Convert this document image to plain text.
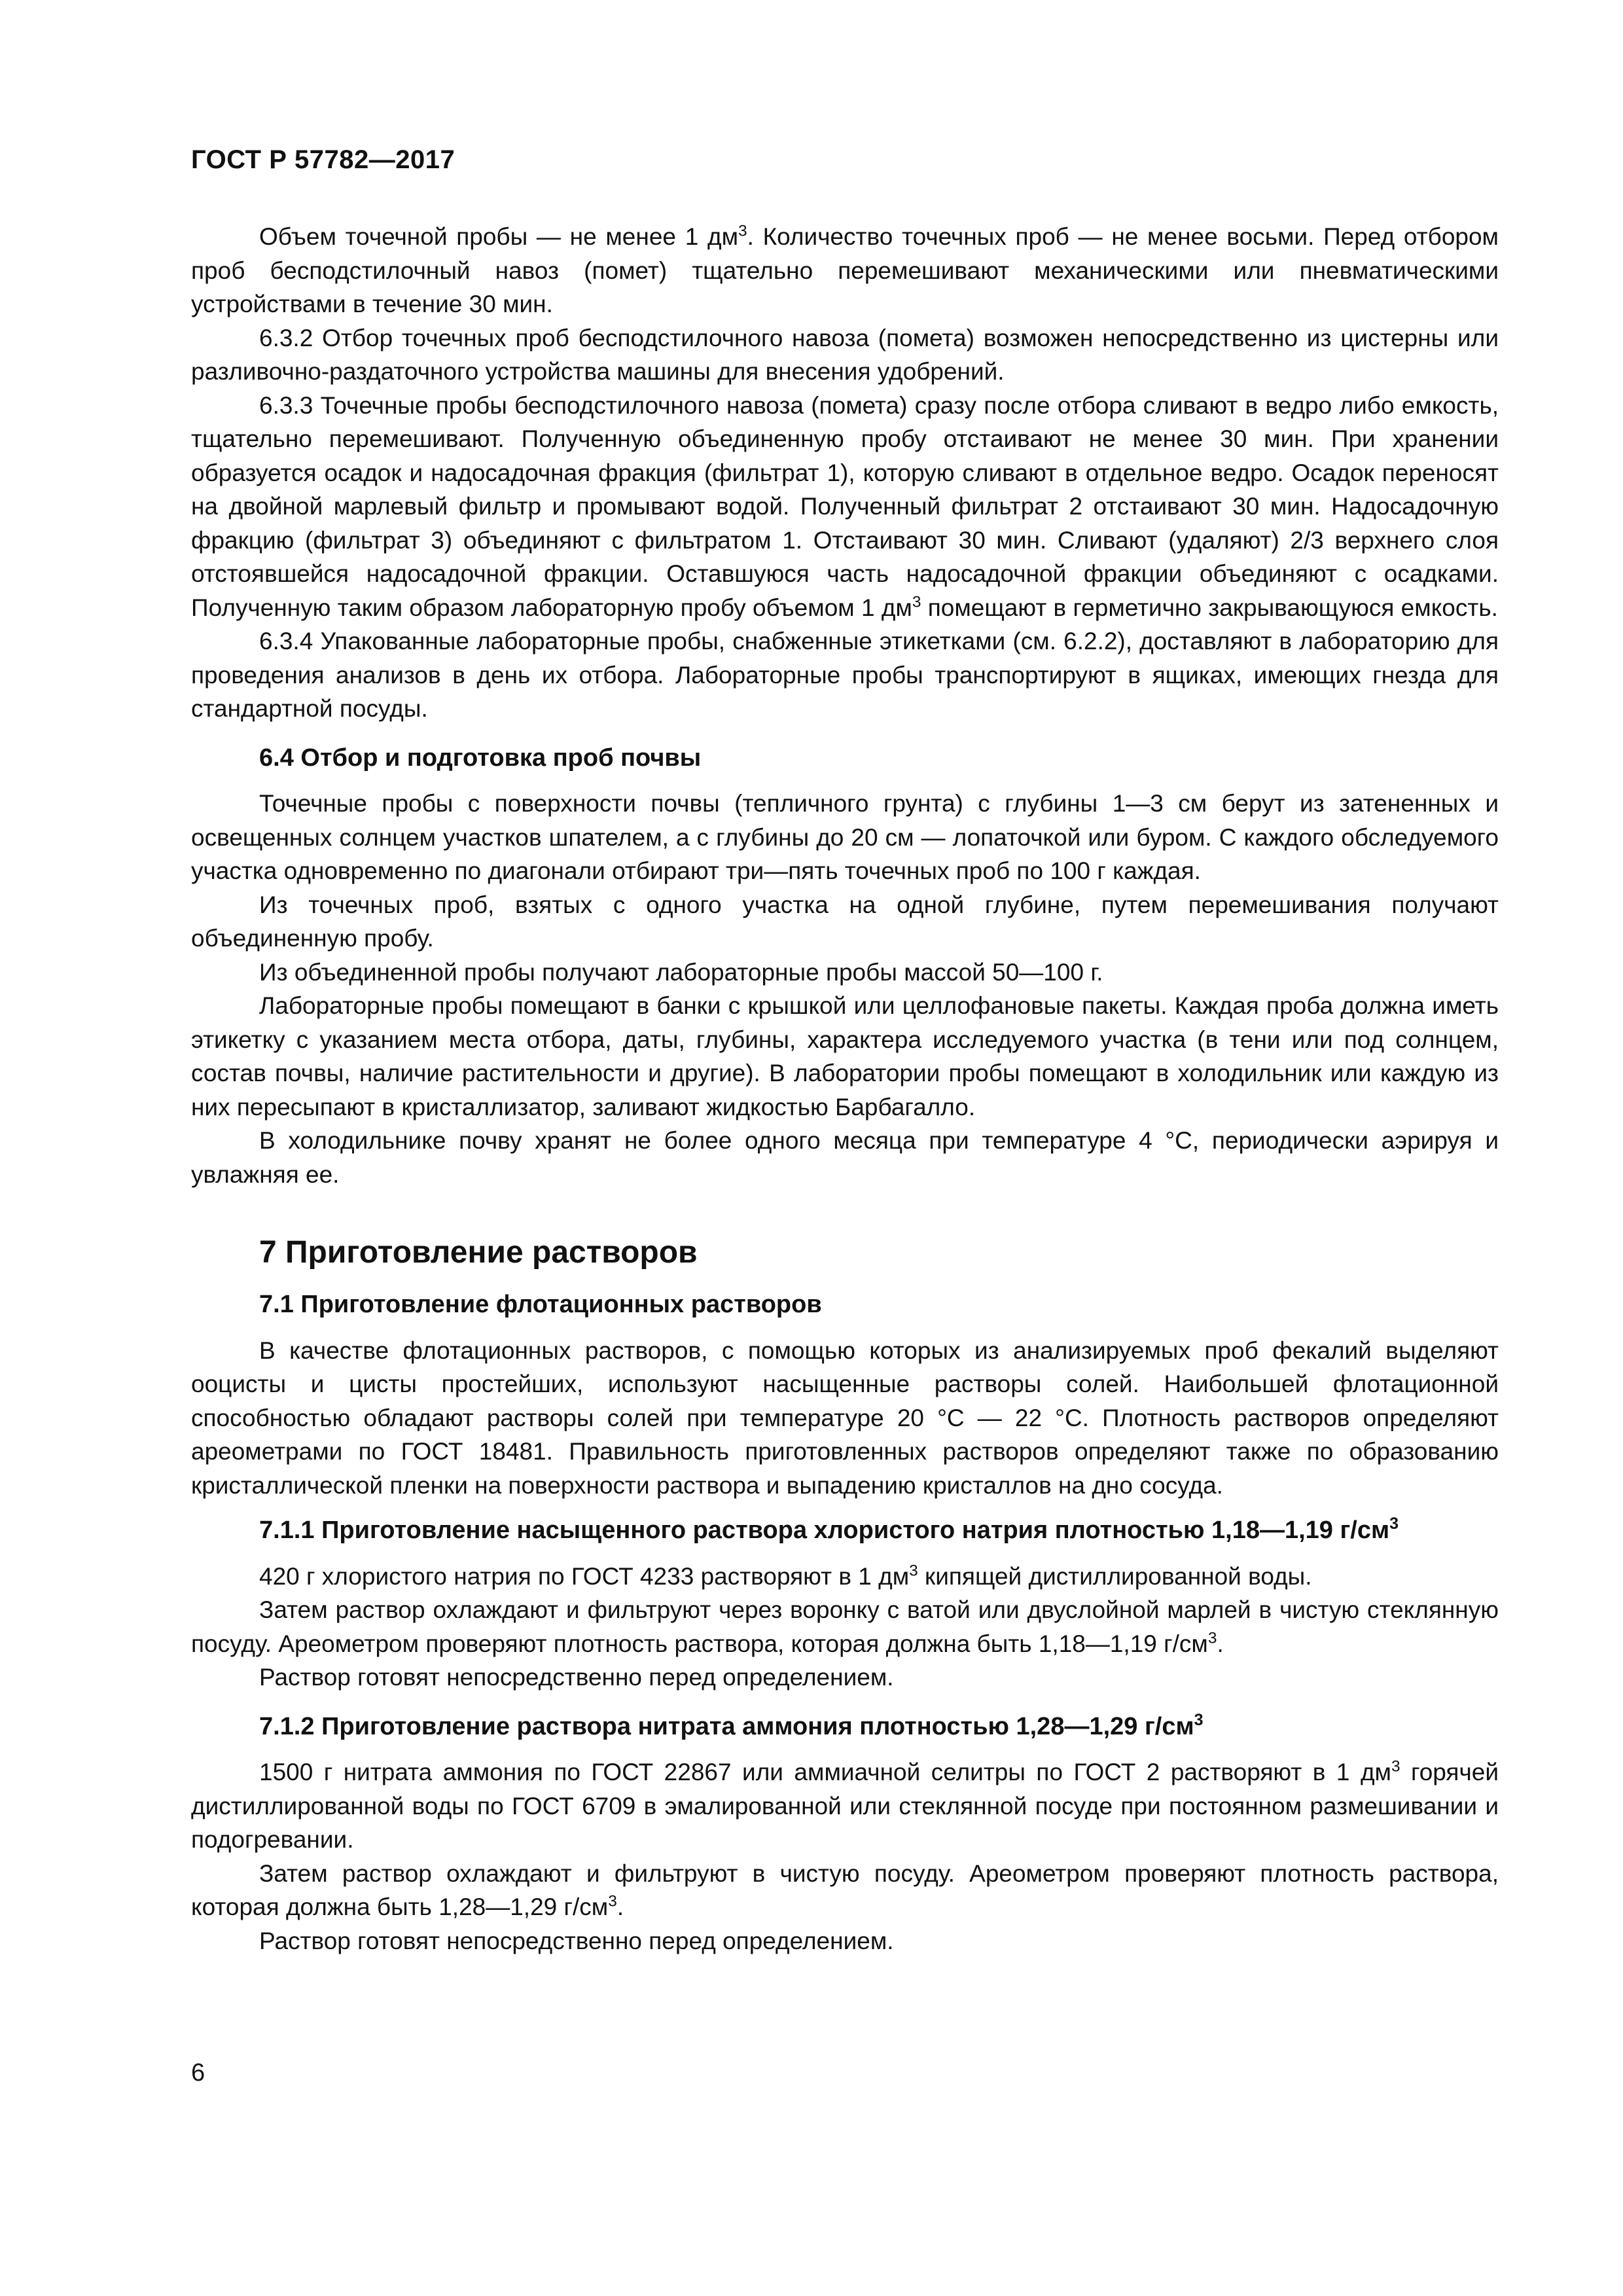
ГОСТ Р 57782—2017

Объем точечной пробы — не менее 1 $дм^3$. Количество точечных проб — не менее восьми. Перед отбором проб бесподстилочный навоз (помет) тщательно перемешивают механическими или пневматическими устройствами в течение 30 мин.

6.3.2 Отбор точечных проб бесподстилочного навоза (помета) возможен непосредственно из цистерны или разливочно-раздаточного устройства машины для внесения удобрений.

6.3.3 Точечные пробы бесподстилочного навоза (помета) сразу после отбора сливают в ведро либо емкость, тщательно перемешивают. Полученную объединенную пробу отстаивают не менее 30 мин. При хранении образуется осадок и надосадочная фракция (фильтрат 1), которую сливают в отдельное ведро. Осадок переносят на двойной марлевый фильтр и промывают водой. Полученный фильтрат 2 отстаивают 30 мин. Надосадочную фракцию (фильтрат 3) объединяют с фильтратом 1. Отстаивают 30 мин. Сливают (удаляют) 2/3 верхнего слоя отстоявшейся надосадочной фракции. Оставшуюся часть надосадочной фракции объединяют с осадками. Полученную таким образом лабораторную пробу объемом 1 $дм^3$ помещают в герметично закрывающуюся емкость.

6.3.4 Упакованные лабораторные пробы, снабженные этикетками (см. 6.2.2), доставляют в лабораторию для проведения анализов в день их отбора. Лабораторные пробы транспортируют в ящиках, имеющих гнезда для стандартной посуды.

6.4 Отбор и подготовка проб почвы

Точечные пробы с поверхности почвы (тепличного грунта) с глубины 1—3 см берут из затененных и освещенных солнцем участков шпателем, а с глубины до 20 см — лопаточкой или буром. С каждого обследуемого участка одновременно по диагонали отбирают три—пять точечных проб по 100 г каждая.

Из точечных проб, взятых с одного участка на одной глубине, путем перемешивания получают объединенную пробу.

Из объединенной пробы получают лабораторные пробы массой 50—100 г.

Лабораторные пробы помещают в банки с крышкой или целлофановые пакеты. Каждая проба должна иметь этикетку с указанием места отбора, даты, глубины, характера исследуемого участка (в тени или под солнцем, состав почвы, наличие растительности и другие). В лаборатории пробы помещают в холодильник или каждую из них пересыпают в кристаллизатор, заливают жидкостью Барбагалло.

В холодильнике почву хранят не более одного месяца при температуре 4 °С, периодически аэрируя и увлажняя ее.

7 Приготовление растворов
7.1 Приготовление флотационных растворов

В качестве флотационных растворов, с помощью которых из анализируемых проб фекалий выделяют ооцисты и цисты простейших, используют насыщенные растворы солей. Наибольшей флотационной способностью обладают растворы солей при температуре 20 °С — 22 °С. Плотность растворов определяют ареометрами по ГОСТ 18481. Правильность приготовленных растворов определяют также по образованию кристаллической пленки на поверхности раствора и выпадению кристаллов на дно сосуда.

7.1.1 Приготовление насыщенного раствора хлористого натрия плотностью 1,18—1,19 $г/см^3$

420 г хлористого натрия по ГОСТ 4233 растворяют в 1 $дм^3$ кипящей дистиллированной воды.

Затем раствор охлаждают и фильтруют через воронку с ватой или двуслойной марлей в чистую стеклянную посуду. Ареометром проверяют плотность раствора, которая должна быть 1,18—1,19 $г/см^3$.

Раствор готовят непосредственно перед определением.

7.1.2 Приготовление раствора нитрата аммония плотностью 1,28—1,29 $г/см^3$

1500 г нитрата аммония по ГОСТ 22867 или аммиачной селитры по ГОСТ 2 растворяют в 1 $дм^3$ горячей дистиллированной воды по ГОСТ 6709 в эмалированной или стеклянной посуде при постоянном размешивании и подогревании.

Затем раствор охлаждают и фильтруют в чистую посуду. Ареометром проверяют плотность раствора, которая должна быть 1,28—1,29 $г/см^3$.

Раствор готовят непосредственно перед определением.

6
